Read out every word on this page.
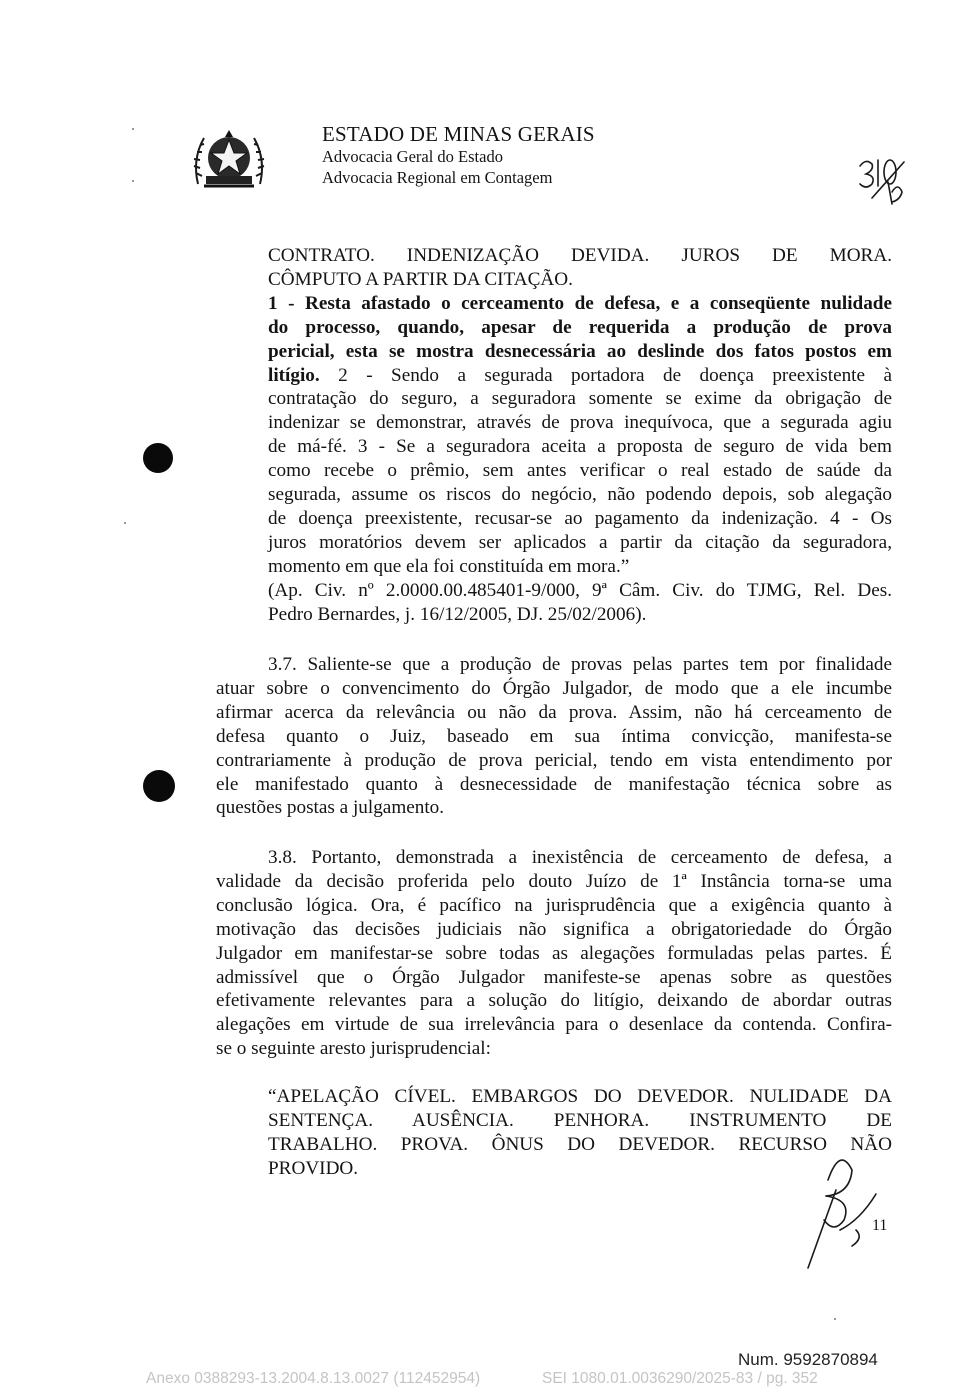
ESTADO DE MINAS GERAIS
Advocacia Geral do Estado
Advocacia Regional em Contagem
CONTRATO. INDENIZAÇÃO DEVIDA. JUROS DE MORA.
CÔMPUTO A PARTIR DA CITAÇÃO.
1 - Resta afastado o cerceamento de defesa, e a conseqüente nulidade
do processo, quando, apesar de requerida a produção de prova
pericial, esta se mostra desnecessária ao deslinde dos fatos postos em
litígio. 2 - Sendo a segurada portadora de doença preexistente à
contratação do seguro, a seguradora somente se exime da obrigação de
indenizar se demonstrar, através de prova inequívoca, que a segurada agiu
de má-fé. 3 - Se a seguradora aceita a proposta de seguro de vida bem
como recebe o prêmio, sem antes verificar o real estado de saúde da
segurada, assume os riscos do negócio, não podendo depois, sob alegação
de doença preexistente, recusar-se ao pagamento da indenização. 4 - Os
juros moratórios devem ser aplicados a partir da citação da seguradora,
momento em que ela foi constituída em mora.”
(Ap. Civ. nº 2.0000.00.485401-9/000, 9ª Câm. Civ. do TJMG, Rel. Des.
Pedro Bernardes, j. 16/12/2005, DJ. 25/02/2006).
3.7. Saliente-se que a produção de provas pelas partes tem por finalidade
atuar sobre o convencimento do Órgão Julgador, de modo que a ele incumbe
afirmar acerca da relevância ou não da prova. Assim, não há cerceamento de
defesa quanto o Juiz, baseado em sua íntima convicção, manifesta-se
contrariamente à produção de prova pericial, tendo em vista entendimento por
ele manifestado quanto à desnecessidade de manifestação técnica sobre as
questões postas a julgamento.
3.8. Portanto, demonstrada a inexistência de cerceamento de defesa, a
validade da decisão proferida pelo douto Juízo de 1ª Instância torna-se uma
conclusão lógica. Ora, é pacífico na jurisprudência que a exigência quanto à
motivação das decisões judiciais não significa a obrigatoriedade do Órgão
Julgador em manifestar-se sobre todas as alegações formuladas pelas partes. É
admissível que o Órgão Julgador manifeste-se apenas sobre as questões
efetivamente relevantes para a solução do litígio, deixando de abordar outras
alegações em virtude de sua irrelevância para o desenlace da contenda. Confira-
se o seguinte aresto jurisprudencial:
“APELAÇÃO CÍVEL. EMBARGOS DO DEVEDOR. NULIDADE DA
SENTENÇA. AUSÊNCIA. PENHORA. INSTRUMENTO DE
TRABALHO. PROVA. ÔNUS DO DEVEDOR. RECURSO NÃO
PROVIDO.
11
Num. 9592870894
Anexo 0388293-13.2004.8.13.0027 (112452954)	SEI 1080.01.0036290/2025-83 / pg. 352
